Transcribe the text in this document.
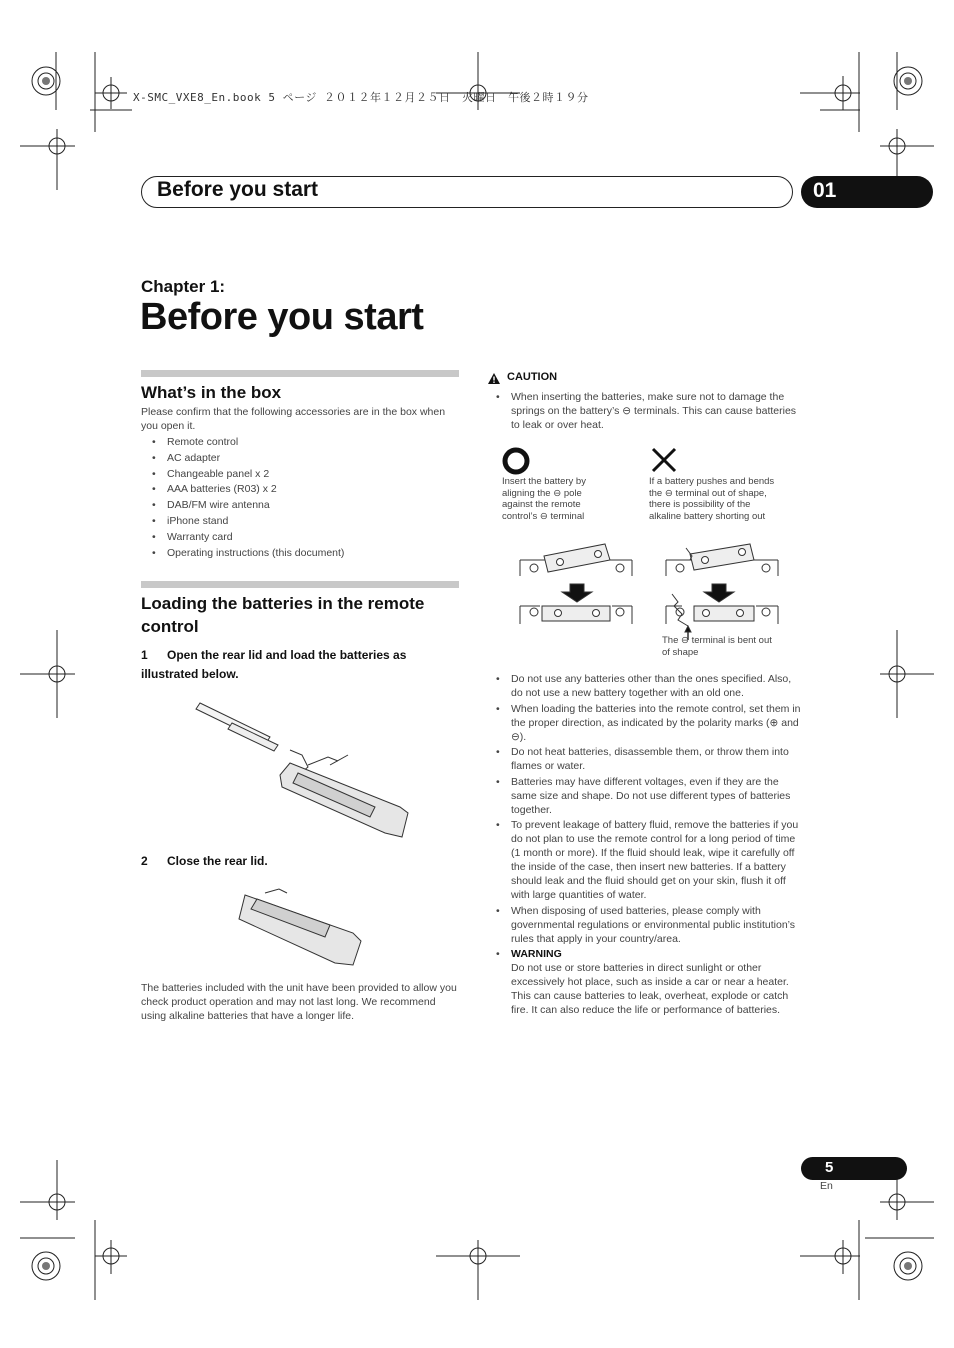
X-SMC_VXE8_En.book 5 ページ ２０１２年１２月２５日　火曜日　午後２時１９分
Before you start	01
Chapter 1:
Before you start
What’s in the box
Please confirm that the following accessories are in the box when you open it.
• Remote control
• AC adapter
• Changeable panel x 2
• AAA batteries (R03) x 2
• DAB/FM wire antenna
• iPhone stand
• Warranty card
• Operating instructions (this document)
Loading the batteries in the remote control
1 Open the rear lid and load the batteries as illustrated below.
2 Close the rear lid.
The batteries included with the unit have been provided to allow you check product operation and may not last long. We recommend using alkaline batteries that have a longer life.
CAUTION
• When inserting the batteries, make sure not to damage the springs on the battery’s ⊖ terminals. This can cause batteries to leak or over heat.
Insert the battery by aligning the ⊖ pole against the remote control’s ⊖ terminal
If a battery pushes and bends the ⊖ terminal out of shape, there is possibility of the alkaline battery shorting out
The ⊖ terminal is bent out of shape
• Do not use any batteries other than the ones specified. Also, do not use a new battery together with an old one.
• When loading the batteries into the remote control, set them in the proper direction, as indicated by the polarity marks (⊕ and ⊖).
• Do not heat batteries, disassemble them, or throw them into flames or water.
• Batteries may have different voltages, even if they are the same size and shape. Do not use different types of batteries together.
• To prevent leakage of battery fluid, remove the batteries if you do not plan to use the remote control for a long period of time (1 month or more). If the fluid should leak, wipe it carefully off the inside of the case, then insert new batteries. If a battery should leak and the fluid should get on your skin, flush it off with large quantities of water.
• When disposing of used batteries, please comply with governmental regulations or environmental public institution’s rules that apply in your country/area.
• WARNING
Do not use or store batteries in direct sunlight or other excessively hot place, such as inside a car or near a heater. This can cause batteries to leak, overheat, explode or catch fire. It can also reduce the life or performance of batteries.
5
En
